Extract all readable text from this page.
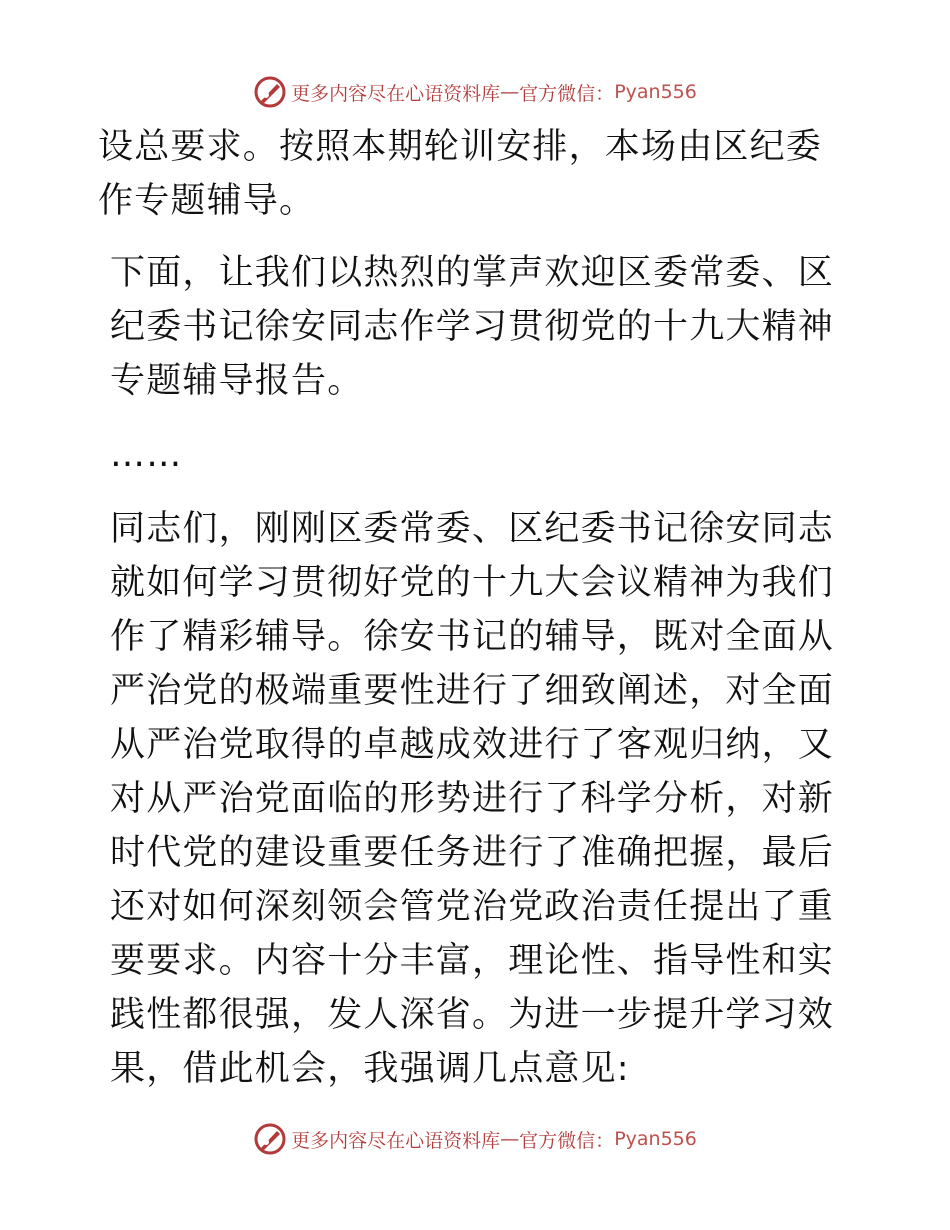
更多内容尽在心语资料库 — 官方微信： Pyan556

设总要求。按照本期轮训安排，本场由区纪委作专题辅导。

下面，让我们以热烈的掌声欢迎区委常委、区纪委书记徐安同志作学习贯彻党的十九大精神专题辅导报告。

……

同志们，刚刚区委常委、区纪委书记徐安同志就如何学习贯彻好党的十九大会议精神为我们作了精彩辅导。徐安书记的辅导，既对全面从严治党的极端重要性进行了细致阐述，对全面从严治党取得的卓越成效进行了客观归纳，又对从严治党面临的形势进行了科学分析，对新时代党的建设重要任务进行了准确把握，最后还对如何深刻领会管党治党政治责任提出了重要要求。内容十分丰富，理论性、指导性和实践性都很强，发人深省。为进一步提升学习效果，借此机会，我强调几点意见:

更多内容尽在心语资料库 — 官方微信： Pyan556
